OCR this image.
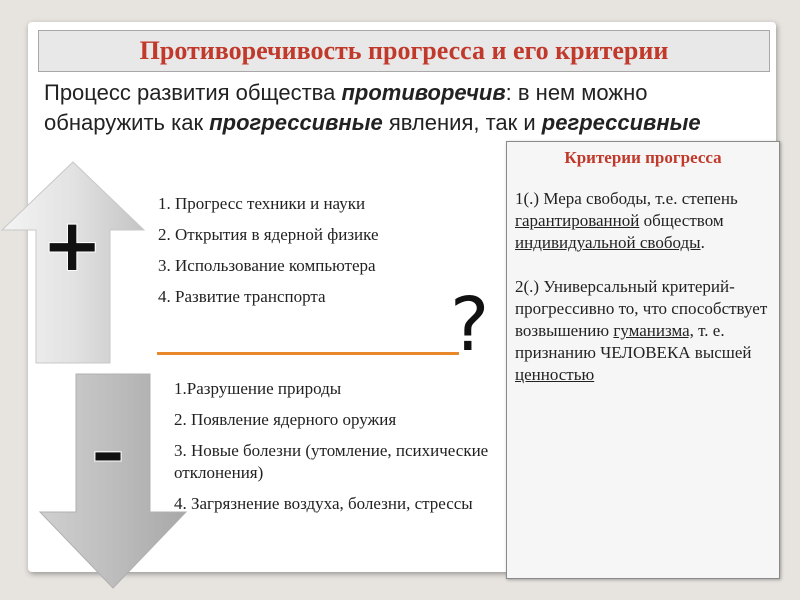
Противоречивость прогресса и его критерии
Процесс развития общества противоречив: в нем можно обнаружить как прогрессивные явления, так и регрессивные
+
–
1. Прогресс техники и науки
2. Открытия в ядерной физике
3. Использование компьютера
4. Развитие транспорта	?
1.Разрушение природы
2. Появление ядерного оружия
3. Новые болезни (утомление, психические отклонения)
4. Загрязнение воздуха, болезни, стрессы
Критерии прогресса
1(.) Мера свободы, т.е. степень гарантированной обществом индивидуальной свободы.
2(.) Универсальный критерий- прогрессивно то, что способствует возвышению гуманизма, т. е. признанию ЧЕЛОВЕКА высшей ценностью
